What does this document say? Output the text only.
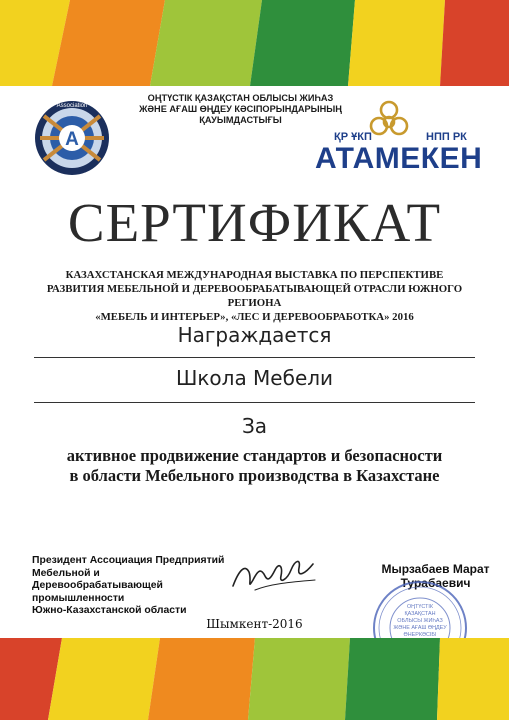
A
Association
ОҢТҮСТІК ҚАЗАҚСТАН ОБЛЫСЫ ЖИҺАЗ
ЖӘНЕ АҒАШ ӨҢДЕУ КӘСІПОРЫНДАРЫНЫҢ
ҚАУЫМДАСТЫҒЫ
ҚР ҰКП	НПП РК
АТАМЕКЕН
СЕРТИФИКАТ
КАЗАХСТАНСКАЯ МЕЖДУНАРОДНАЯ ВЫСТАВКА ПО ПЕРСПЕКТИВЕ
РАЗВИТИЯ МЕБЕЛЬНОЙ И ДЕРЕВООБРАБАТЫВАЮЩЕЙ ОТРАСЛИ ЮЖНОГО РЕГИОНА
«МЕБЕЛЬ И ИНТЕРЬЕР», «ЛЕС И ДЕРЕВООБРАБОТКА» 2016
Награждается
Школа Мебели
За
активное продвижение стандартов и безопасности
в области Мебельного производства в Казахстане
Президент Ассоциация Предприятий
Мебельной и Деревообрабатывающей
промышленности
Южно-Казахстанской области
Мырзабаев Марат
Турабаевич
ОҢТҮСТІК
ҚАЗАҚСТАН
ОБЛЫСЫ ЖИҺАЗ
ЖӘНЕ АҒАШ ӨҢДЕУ
ӨНЕРКӘСІБІ
Шымкент-2016
